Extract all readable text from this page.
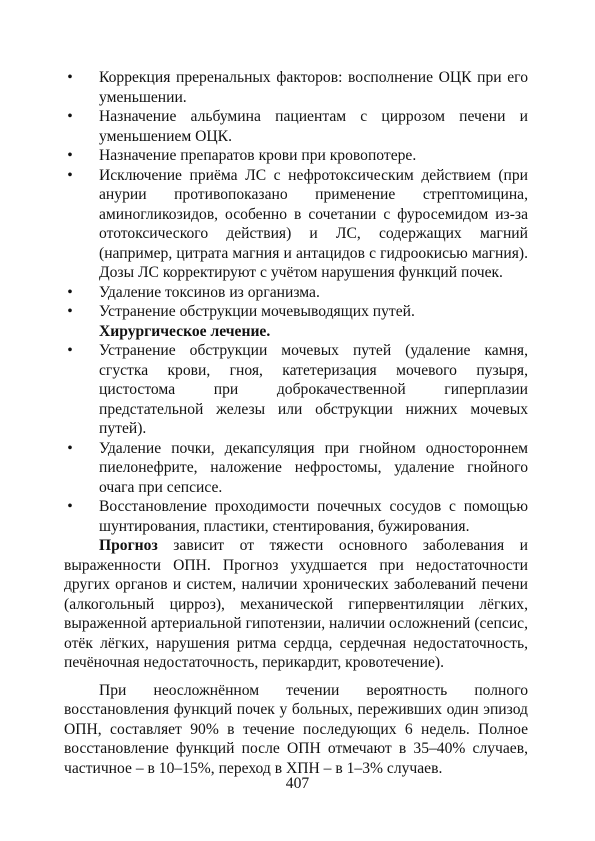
• Коррекция преренальных факторов: восполнение ОЦК при его уменьшении.
• Назначение альбумина пациентам с циррозом печени и уменьшением ОЦК.
• Назначение препаратов крови при кровопотере.
• Исключение приёма ЛС с нефротоксическим действием (при анурии противопоказано применение стрептомицина, аминогликозидов, особенно в сочетании с фуросемидом из-за ототоксического действия) и ЛС, содержащих магний (например, цитрата магния и антацидов с гидроокисью магния). Дозы ЛС корректируют с учётом нарушения функций почек.
• Удаление токсинов из организма.
• Устранение обструкции мочевыводящих путей.
Хирургическое лечение.
• Устранение обструкции мочевых путей (удаление камня, сгустка крови, гноя, катетеризация мочевого пузыря, цистостома при доброкачественной гиперплазии предстательной железы или обструкции нижних мочевых путей).
• Удаление почки, декапсуляция при гнойном одностороннем пиелонефрите, наложение нефростомы, удаление гнойного очага при сепсисе.
• Восстановление проходимости почечных сосудов с помощью шунтирования, пластики, стентирования, бужирования.
Прогноз зависит от тяжести основного заболевания и выраженности ОПН. Прогноз ухудшается при недостаточности других органов и систем, наличии хронических заболеваний печени (алкогольный цирроз), механической гипервентиляции лёгких, выраженной артериальной гипотензии, наличии осложнений (сепсис, отёк лёгких, нарушения ритма сердца, сердечная недостаточность, печёночная недостаточность, перикардит, кровотечение).
При неосложнённом течении вероятность полного восстановления функций почек у больных, переживших один эпизод ОПН, составляет 90% в течение последующих 6 недель. Полное восстановление функций после ОПН отмечают в 35–40% случаев, частичное – в 10–15%, переход в ХПН – в 1–3% случаев.
407
